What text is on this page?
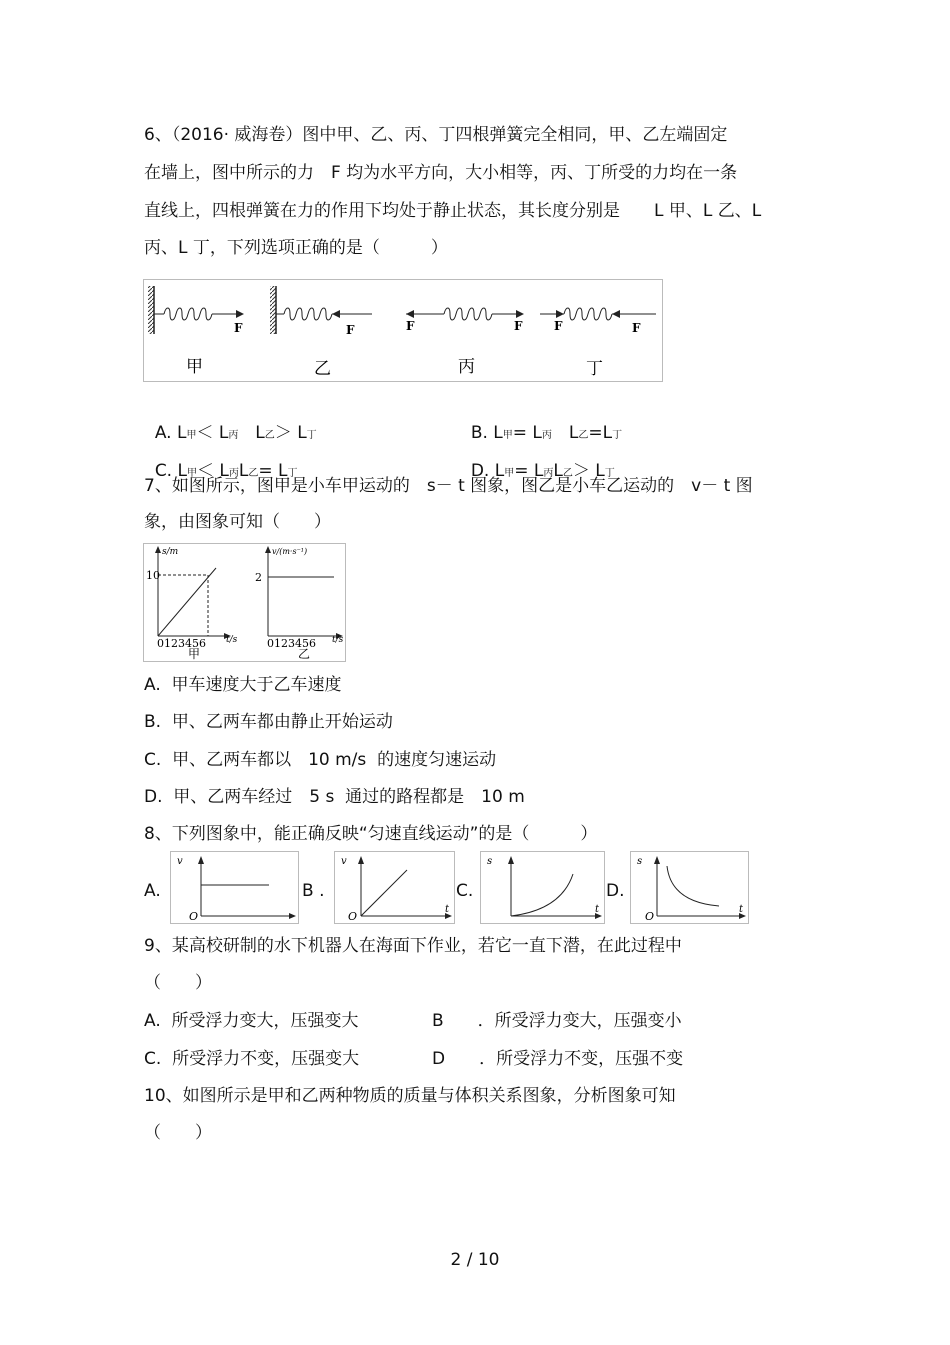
6、（2016· 威海卷）图中甲、乙、丙、丁四根弹簧完全相同，甲、乙左端固定
在墙上，图中所示的力　F 均为水平方向，大小相等，丙、丁所受的力均在一条
直线上，四根弹簧在力的作用下均处于静止状态，其长度分别是　　L 甲、L 乙、L
丙、L 丁，下列选项正确的是（　　　）
F	F	F	F	F	F
甲	乙	丙	丁

A. L甲＜ L丙　L乙＞ L丁	B. L甲= L丙　L乙=L丁

C. L甲＜ L丙L乙= L丁	D. L甲= L丙L乙＞ L丁

7、如图所示，图甲是小车甲运动的　s－ t 图象，图乙是小车乙运动的　v－ t 图
象，由图象可知（　　）
s/m
10
0123456 t/s
甲
v/(m·s⁻¹)
2
0123456 t/s
乙
A.  甲车速度大于乙车速度
B.  甲、乙两车都由静止开始运动
C.  甲、乙两车都以　10 m/s  的速度匀速运动
D.  甲、乙两车经过　5 s  通过的路程都是　10 m
8、下列图象中，能正确反映“匀速直线运动”的是（　　　）
A.
v
O
B .
v
O
t
C.
s
t
D.
s
O
t
9、某高校研制的水下机器人在海面下作业，若它一直下潜，在此过程中
（　　）
A.  所受浮力变大，压强变大	B　　．所受浮力变大，压强变小
C.  所受浮力不变，压强变大	D　　．所受浮力不变，压强不变
10、如图所示是甲和乙两种物质的质量与体积关系图象，分析图象可知
（　　）
2 / 10
